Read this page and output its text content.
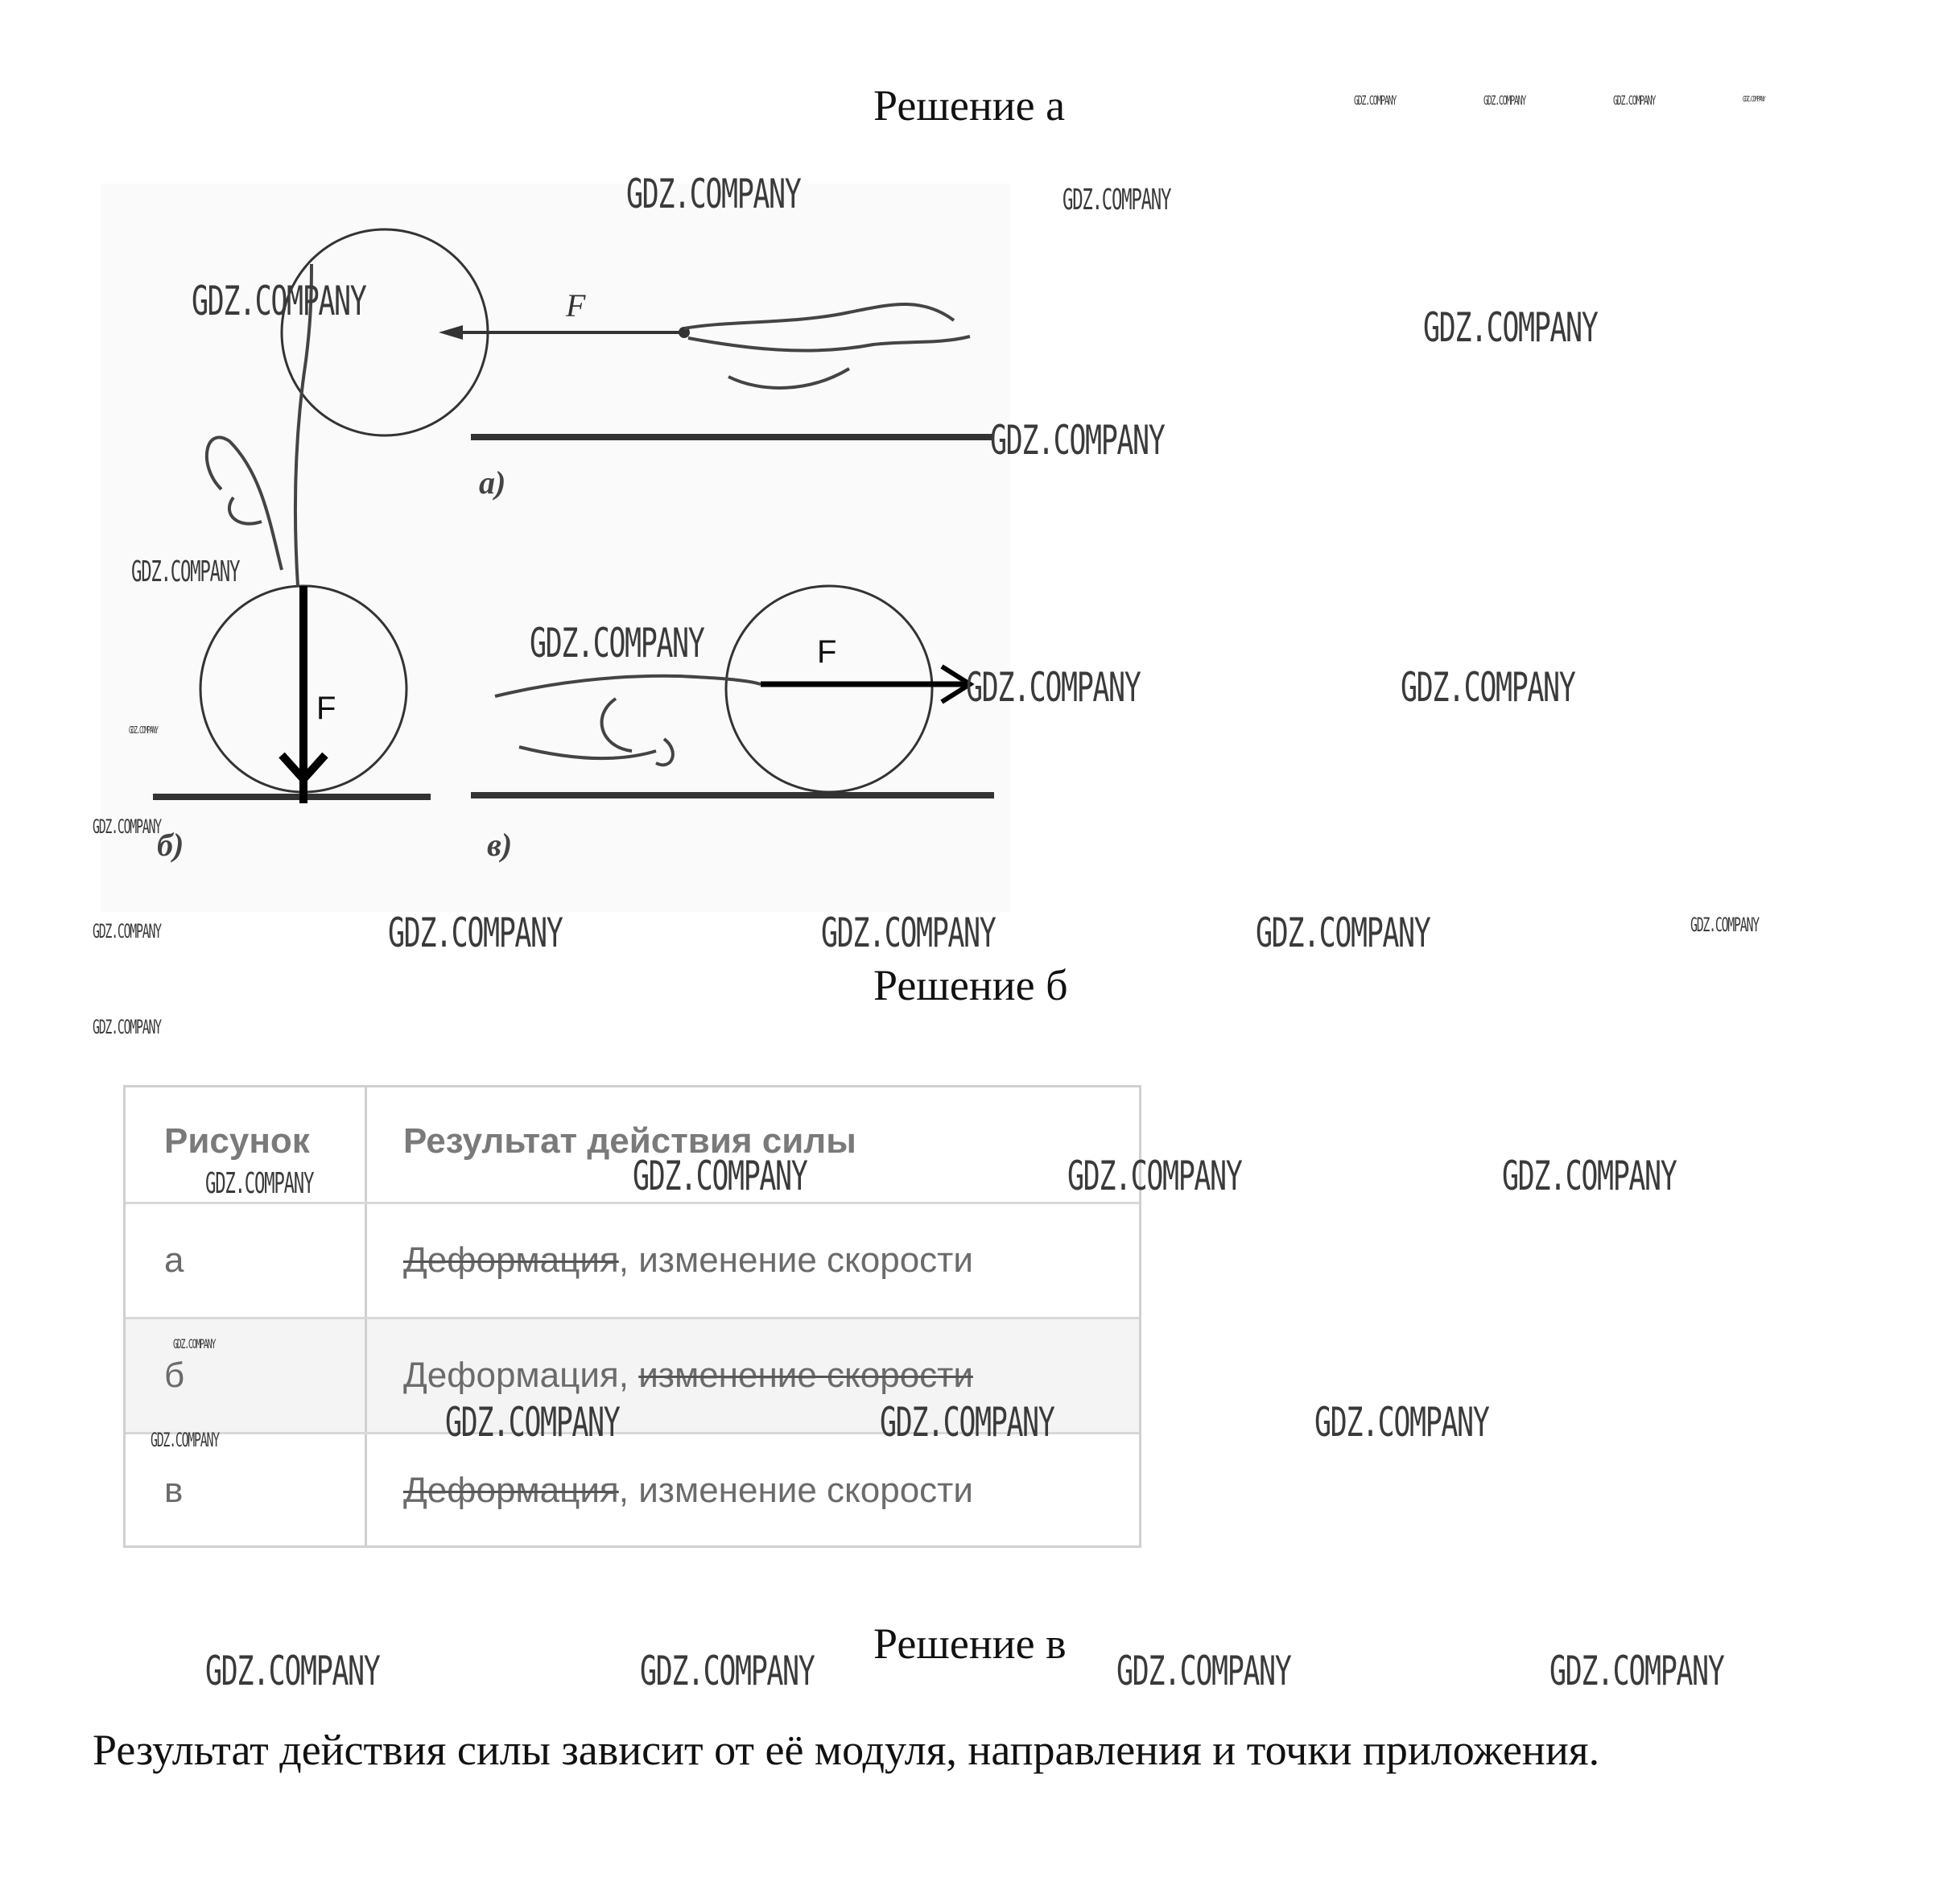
Решение а
Решение б
Решение в
F
а)
F
б)
F
в)
Рисунок	Результат действия силы
а	Деформация, изменение скорости
б	Деформация, изменение скорости
в	Деформация, изменение скорости
Результат действия силы зависит от её модуля, направления и точки приложения.
GDZ.COMPANY	GDZ.COMPANY	GDZ.COMPANY	GDZ.COMPANY
GDZ.COMPANY	GDZ.COMPANY
GDZ.COMPANY
GDZ.COMPANY
GDZ.COMPANY
GDZ.COMPANY
GDZ.COMPANY
GDZ.COMPANY	GDZ.COMPANY
GDZ.COMPANY
GDZ.COMPANY
GDZ.COMPANY	GDZ.COMPANY	GDZ.COMPANY	GDZ.COMPANY	GDZ.COMPANY
GDZ.COMPANY
GDZ.COMPANY	GDZ.COMPANY	GDZ.COMPANY	GDZ.COMPANY
GDZ.COMPANY
GDZ.COMPANY	GDZ.COMPANY	GDZ.COMPANY	GDZ.COMPANY
GDZ.COMPANY	GDZ.COMPANY	GDZ.COMPANY	GDZ.COMPANY
